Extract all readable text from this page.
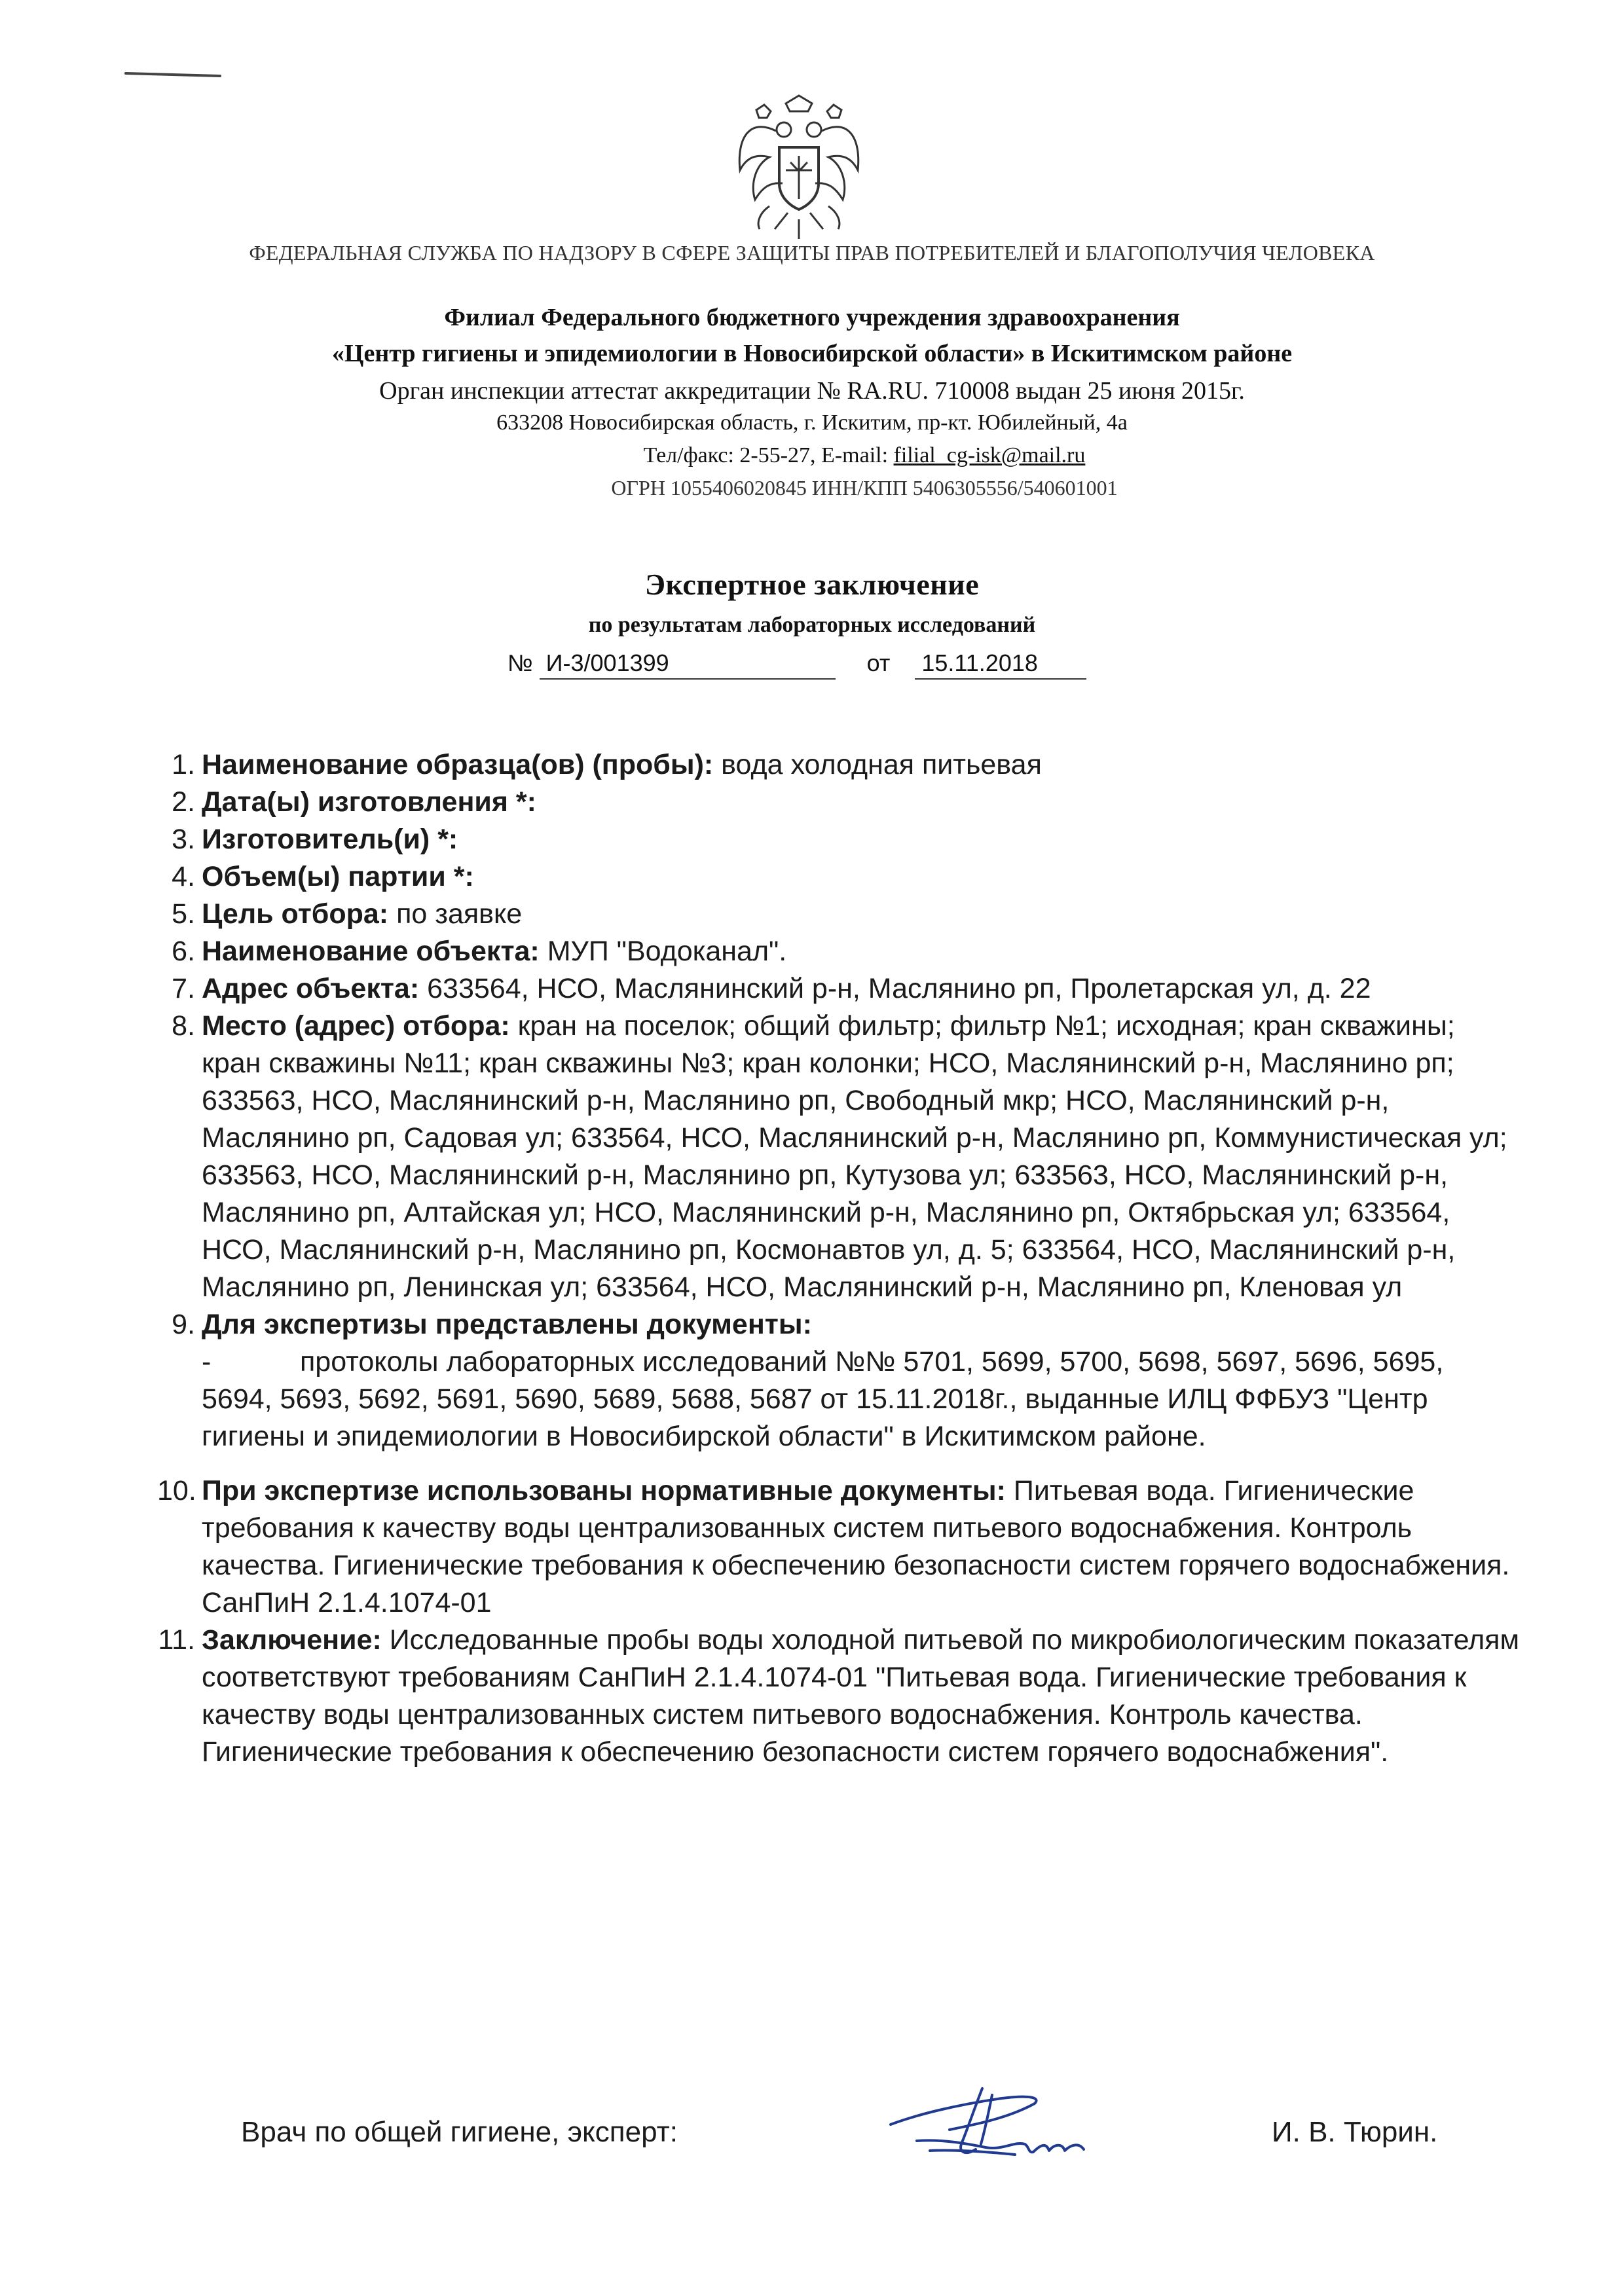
ФЕДЕРАЛЬНАЯ СЛУЖБА ПО НАДЗОРУ В СФЕРЕ ЗАЩИТЫ ПРАВ ПОТРЕБИТЕЛЕЙ И БЛАГОПОЛУЧИЯ ЧЕЛОВЕКА
Филиал Федерального бюджетного учреждения здравоохранения
«Центр гигиены и эпидемиологии в Новосибирской области» в Искитимском районе
Орган инспекции аттестат аккредитации № RA.RU. 710008 выдан 25 июня 2015г.
633208 Новосибирская область, г. Искитим, пр-кт. Юбилейный, 4а
Тел/факс: 2-55-27, E-mail: filial_cg-isk@mail.ru
ОГРН 1055406020845 ИНН/КПП 5406305556/540601001
Экспертное заключение
по результатам лабораторных исследований
№ И-3/001399	от 15.11.2018
1. Наименование образца(ов) (пробы): вода холодная питьевая
2. Дата(ы) изготовления *:
3. Изготовитель(и) *:
4. Объем(ы) партии *:
5. Цель отбора: по заявке
6. Наименование объекта: МУП "Водоканал".
7. Адрес объекта: 633564, НСО, Маслянинский р-н, Маслянино рп, Пролетарская ул, д. 22
8. Место (адрес) отбора: кран на поселок; общий фильтр; фильтр №1; исходная; кран скважины; кран скважины №11; кран скважины №3; кран колонки; НСО, Маслянинский р-н, Маслянино рп; 633563, НСО, Маслянинский р-н, Маслянино рп, Свободный мкр; НСО, Маслянинский р-н, Маслянино рп, Садовая ул; 633564, НСО, Маслянинский р-н, Маслянино рп, Коммунистическая ул; 633563, НСО, Маслянинский р-н, Маслянино рп, Кутузова ул; 633563, НСО, Маслянинский р-н, Маслянино рп, Алтайская ул; НСО, Маслянинский р-н, Маслянино рп, Октябрьская ул; 633564, НСО, Маслянинский р-н, Маслянино рп, Космонавтов ул, д. 5; 633564, НСО, Маслянинский р-н, Маслянино рп, Ленинская ул; 633564, НСО, Маслянинский р-н, Маслянино рп, Кленовая ул
9. Для экспертизы представлены документы:
-	протоколы лабораторных исследований №№ 5701, 5699, 5700, 5698, 5697, 5696, 5695, 5694, 5693, 5692, 5691, 5690, 5689, 5688, 5687 от 15.11.2018г., выданные ИЛЦ ФФБУЗ "Центр гигиены и эпидемиологии в Новосибирской области" в Искитимском районе.
10. При экспертизе использованы нормативные документы: Питьевая вода. Гигиенические требования к качеству воды централизованных систем питьевого водоснабжения. Контроль качества. Гигиенические требования к обеспечению безопасности систем горячего водоснабжения. СанПиН 2.1.4.1074-01
11. Заключение: Исследованные пробы воды холодной питьевой по микробиологическим показателям соответствуют требованиям СанПиН 2.1.4.1074-01 "Питьевая вода. Гигиенические требования к качеству воды централизованных систем питьевого водоснабжения. Контроль качества. Гигиенические требования к обеспечению безопасности систем горячего водоснабжения".
Врач по общей гигиене, эксперт:	И. В. Тюрин.
